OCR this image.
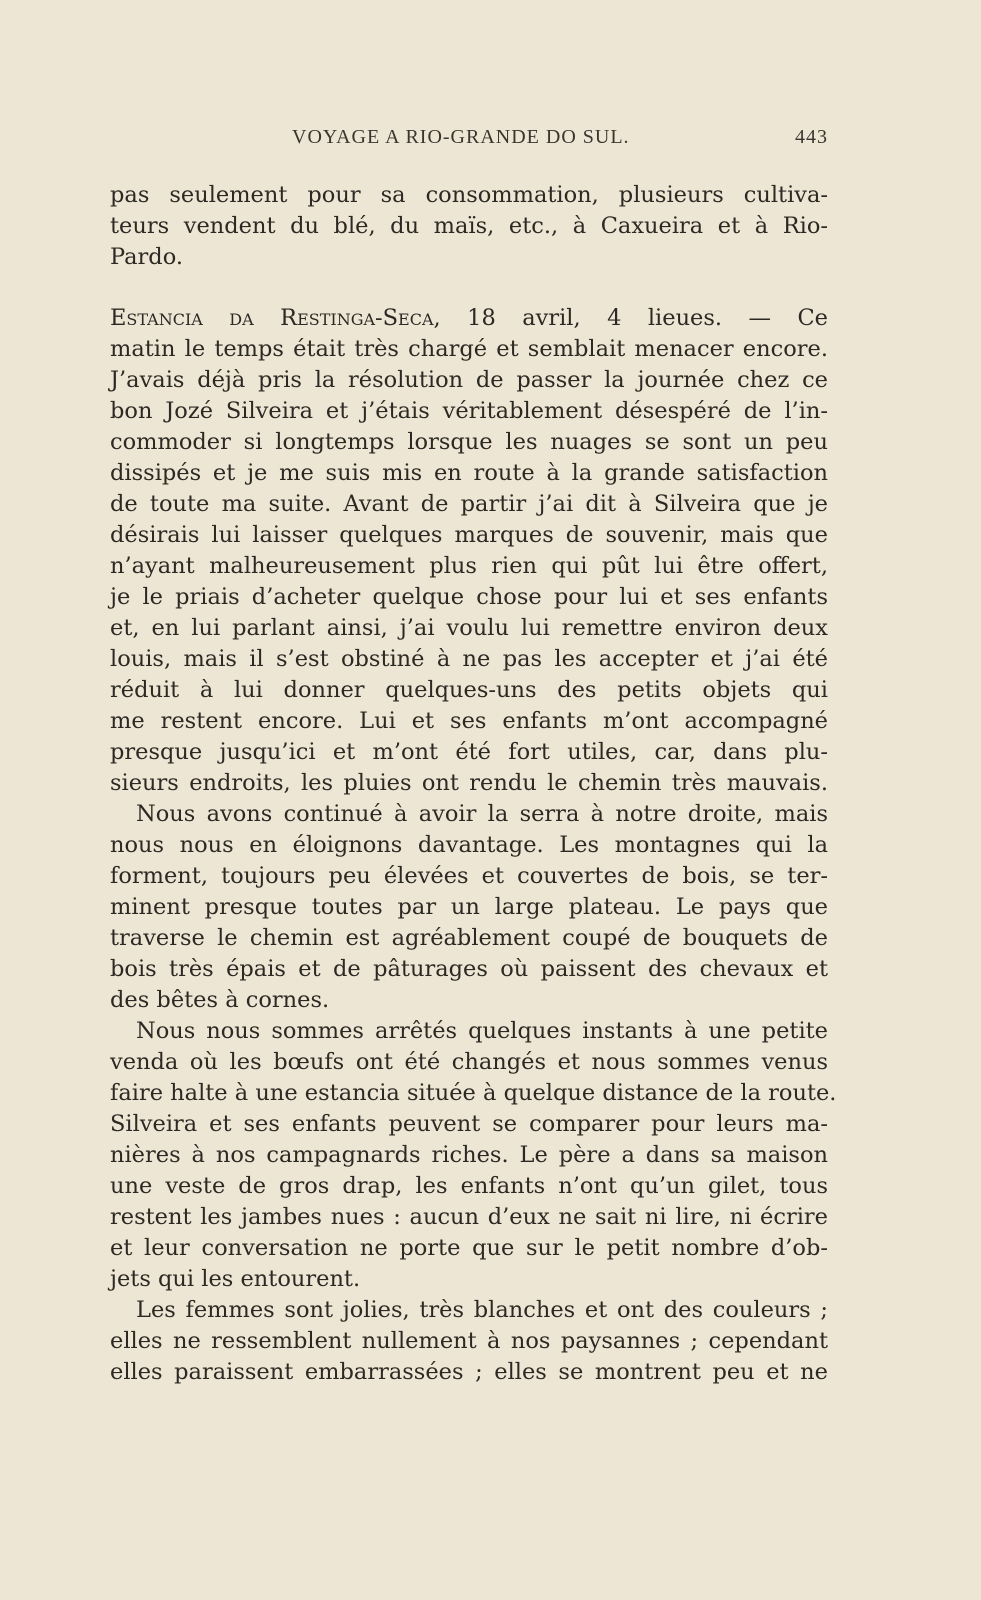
VOYAGE A RIO-GRANDE DO SUL.	443
pas seulement pour sa consommation, plusieurs cultiva-
teurs vendent du blé, du maïs, etc., à Caxueira et à Rio-
Pardo.
Estancia da Restinga-Seca, 18 avril, 4 lieues. — Ce
matin le temps était très chargé et semblait menacer encore.
J’avais déjà pris la résolution de passer la journée chez ce
bon Jozé Silveira et j’étais véritablement désespéré de l’in-
commoder si longtemps lorsque les nuages se sont un peu
dissipés et je me suis mis en route à la grande satisfaction
de toute ma suite. Avant de partir j’ai dit à Silveira que je
désirais lui laisser quelques marques de souvenir, mais que
n’ayant malheureusement plus rien qui pût lui être offert,
je le priais d’acheter quelque chose pour lui et ses enfants
et, en lui parlant ainsi, j’ai voulu lui remettre environ deux
louis, mais il s’est obstiné à ne pas les accepter et j’ai été
réduit à lui donner quelques-uns des petits objets qui
me restent encore. Lui et ses enfants m’ont accompagné
presque jusqu’ici et m’ont été fort utiles, car, dans plu-
sieurs endroits, les pluies ont rendu le chemin très mauvais.
Nous avons continué à avoir la serra à notre droite, mais
nous nous en éloignons davantage. Les montagnes qui la
forment, toujours peu élevées et couvertes de bois, se ter-
minent presque toutes par un large plateau. Le pays que
traverse le chemin est agréablement coupé de bouquets de
bois très épais et de pâturages où paissent des chevaux et
des bêtes à cornes.
Nous nous sommes arrêtés quelques instants à une petite
venda où les bœufs ont été changés et nous sommes venus
faire halte à une estancia située à quelque distance de la route.
Silveira et ses enfants peuvent se comparer pour leurs ma-
nières à nos campagnards riches. Le père a dans sa maison
une veste de gros drap, les enfants n’ont qu’un gilet, tous
restent les jambes nues : aucun d’eux ne sait ni lire, ni écrire
et leur conversation ne porte que sur le petit nombre d’ob-
jets qui les entourent.
Les femmes sont jolies, très blanches et ont des couleurs ;
elles ne ressemblent nullement à nos paysannes ; cependant
elles paraissent embarrassées ; elles se montrent peu et ne
